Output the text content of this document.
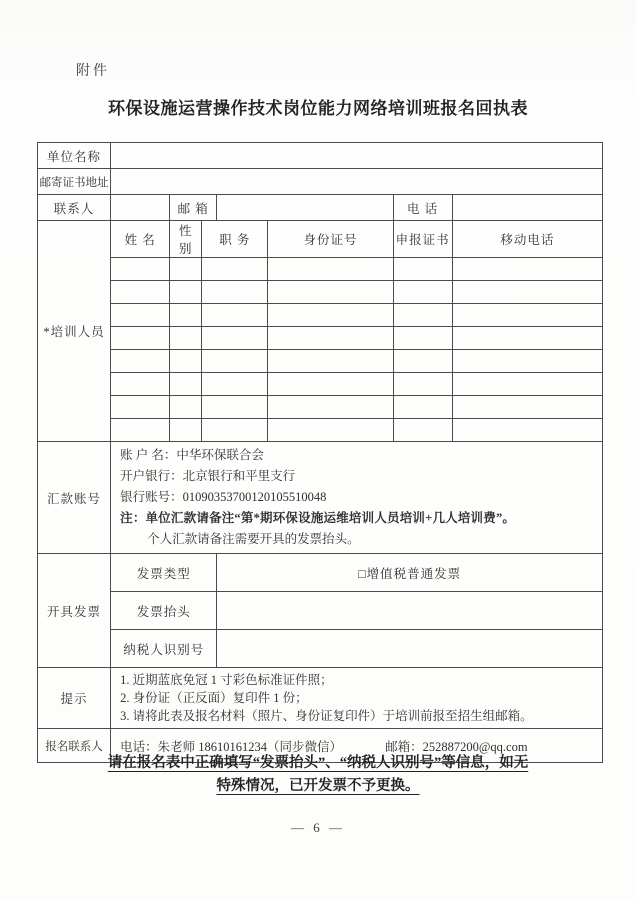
附件
环保设施运营操作技术岗位能力网络培训班报名回执表
单位名称							
邮寄证书地址							
联系人		邮 箱				电 话	
*培训人员	姓 名	性 别	职 务		身份证号	申报证书	移动电话

汇款账号	账 户 名：中华环保联合会
开户银行：北京银行和平里支行
银行账号：01090353700120105510048
注：单位汇款请备注“第*期环保设施运维培训人员培训+几人培训费”。
个人汇款请备注需要开具的发票抬头。						

开具发票	发票类型			□增值税普通发票			
	发票抬头						
	纳税人识别号						
提示	1. 近期蓝底免冠 1 寸彩色标准证件照；
2. 身份证（正反面）复印件 1 份；
3. 请将此表及报名材料（照片、身份证复印件）于培训前报至招生组邮箱。						

报名联系人	电话：朱老师 18610161234（同步微信） 邮箱：252887200@qq.com						
请在报名表中正确填写“发票抬头”、“纳税人识别号”等信息，如无
特殊情况，已开发票不予更换。
— 6 —
